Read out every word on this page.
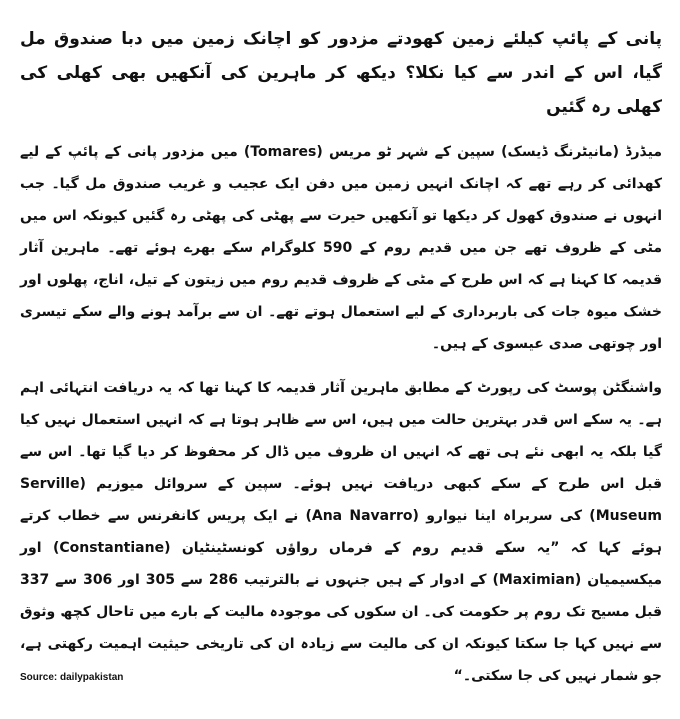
پانی کے پائپ کیلئے زمین کھودتے مزدور کو اچانک زمین میں دبا صندوق مل گیا، اس کے اندر سے کیا نکلا؟ دیکھ کر ماہرین کی آنکھیں بھی کھلی کی کھلی رہ گئیں

میڈرڈ (مانیٹرنگ ڈیسک) سپین کے شہر ٹو مریس (Tomares) میں مزدور پانی کے پائپ کے لیے کھدائی کر رہے تھے کہ اچانک انہیں زمین میں دفن ایک عجیب و غریب صندوق مل گیا۔ جب انہوں نے صندوق کھول کر دیکھا تو آنکھیں حیرت سے پھٹی کی پھٹی رہ گئیں کیونکہ اس میں مٹی کے ظروف تھے جن میں قدیم روم کے 590 کلوگرام سکے بھرے ہوئے تھے۔ ماہرین آثار قدیمہ کا کہنا ہے کہ اس طرح کے مٹی کے ظروف قدیم روم میں زیتون کے تیل، اناج، پھلوں اور خشک میوہ جات کی باربرداری کے لیے استعمال ہوتے تھے۔ ان سے برآمد ہونے والے سکے تیسری اور چوتھی صدی عیسوی کے ہیں۔

واشنگٹن پوسٹ کی رپورٹ کے مطابق ماہرین آثار قدیمہ کا کہنا تھا کہ یہ دریافت انتہائی اہم ہے۔ یہ سکے اس قدر بہترین حالت میں ہیں، اس سے ظاہر ہوتا ہے کہ انہیں استعمال نہیں کیا گیا بلکہ یہ ابھی نئے ہی تھے کہ انہیں ان ظروف میں ڈال کر محفوظ کر دیا گیا تھا۔ اس سے قبل اس طرح کے سکے کبھی دریافت نہیں ہوئے۔ سپین کے سروائل میوزیم (Serville Museum) کی سربراہ اینا نیوارو (Ana Navarro) نے ایک پریس کانفرنس سے خطاب کرتے ہوئے کہا کہ ”یہ سکے قدیم روم کے فرماں رواؤں کونسٹینٹیان (Constantiane) اور میکسیمیان (Maximian) کے ادوار کے ہیں جنہوں نے بالترتیب 286 سے 305 اور 306 سے 337 قبل مسیح تک روم پر حکومت کی۔ ان سکوں کی موجودہ مالیت کے بارے میں تاحال کچھ وثوق سے نہیں کہا جا سکتا کیونکہ ان کی مالیت سے زیادہ ان کی تاریخی حیثیت اہمیت رکھتی ہے، جو شمار نہیں کی جا سکتی۔“

Source: dailypakistan
